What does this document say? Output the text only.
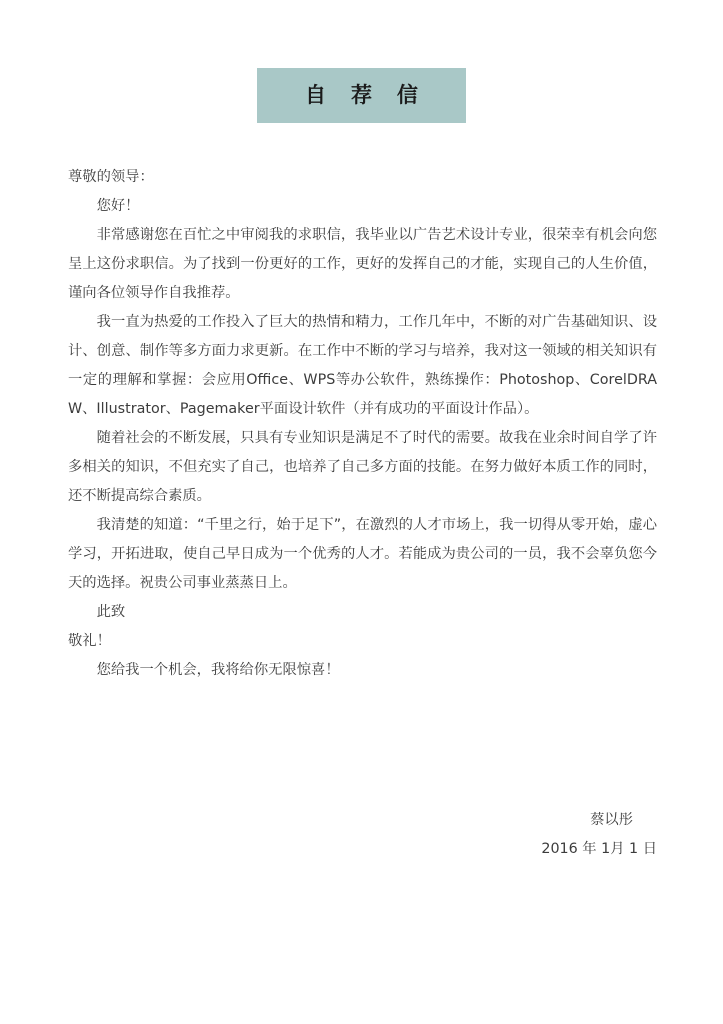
自 荐 信

尊敬的领导：

您好！

非常感谢您在百忙之中审阅我的求职信，我毕业以广告艺术设计专业，很荣幸有机会向您呈上这份求职信。为了找到一份更好的工作，更好的发挥自己的才能，实现自己的人生价值，谨向各位领导作自我推荐。

我一直为热爱的工作投入了巨大的热情和精力，工作几年中，不断的对广告基础知识、设计、创意、制作等多方面力求更新。在工作中不断的学习与培养，我对这一领域的相关知识有一定的理解和掌握：会应用Office、WPS等办公软件，熟练操作：Photoshop、CorelDRAW、Illustrator、Pagemaker平面设计软件（并有成功的平面设计作品）。

随着社会的不断发展，只具有专业知识是满足不了时代的需要。故我在业余时间自学了许多相关的知识，不但充实了自己，也培养了自己多方面的技能。在努力做好本质工作的同时，还不断提高综合素质。

我清楚的知道：“千里之行，始于足下”，在激烈的人才市场上，我一切得从零开始，虚心学习，开拓进取，使自己早日成为一个优秀的人才。若能成为贵公司的一员，我不会辜负您今天的选择。祝贵公司事业蒸蒸日上。

此致

敬礼！

您给我一个机会，我将给你无限惊喜！

蔡以彤
2016 年 1月 1 日
